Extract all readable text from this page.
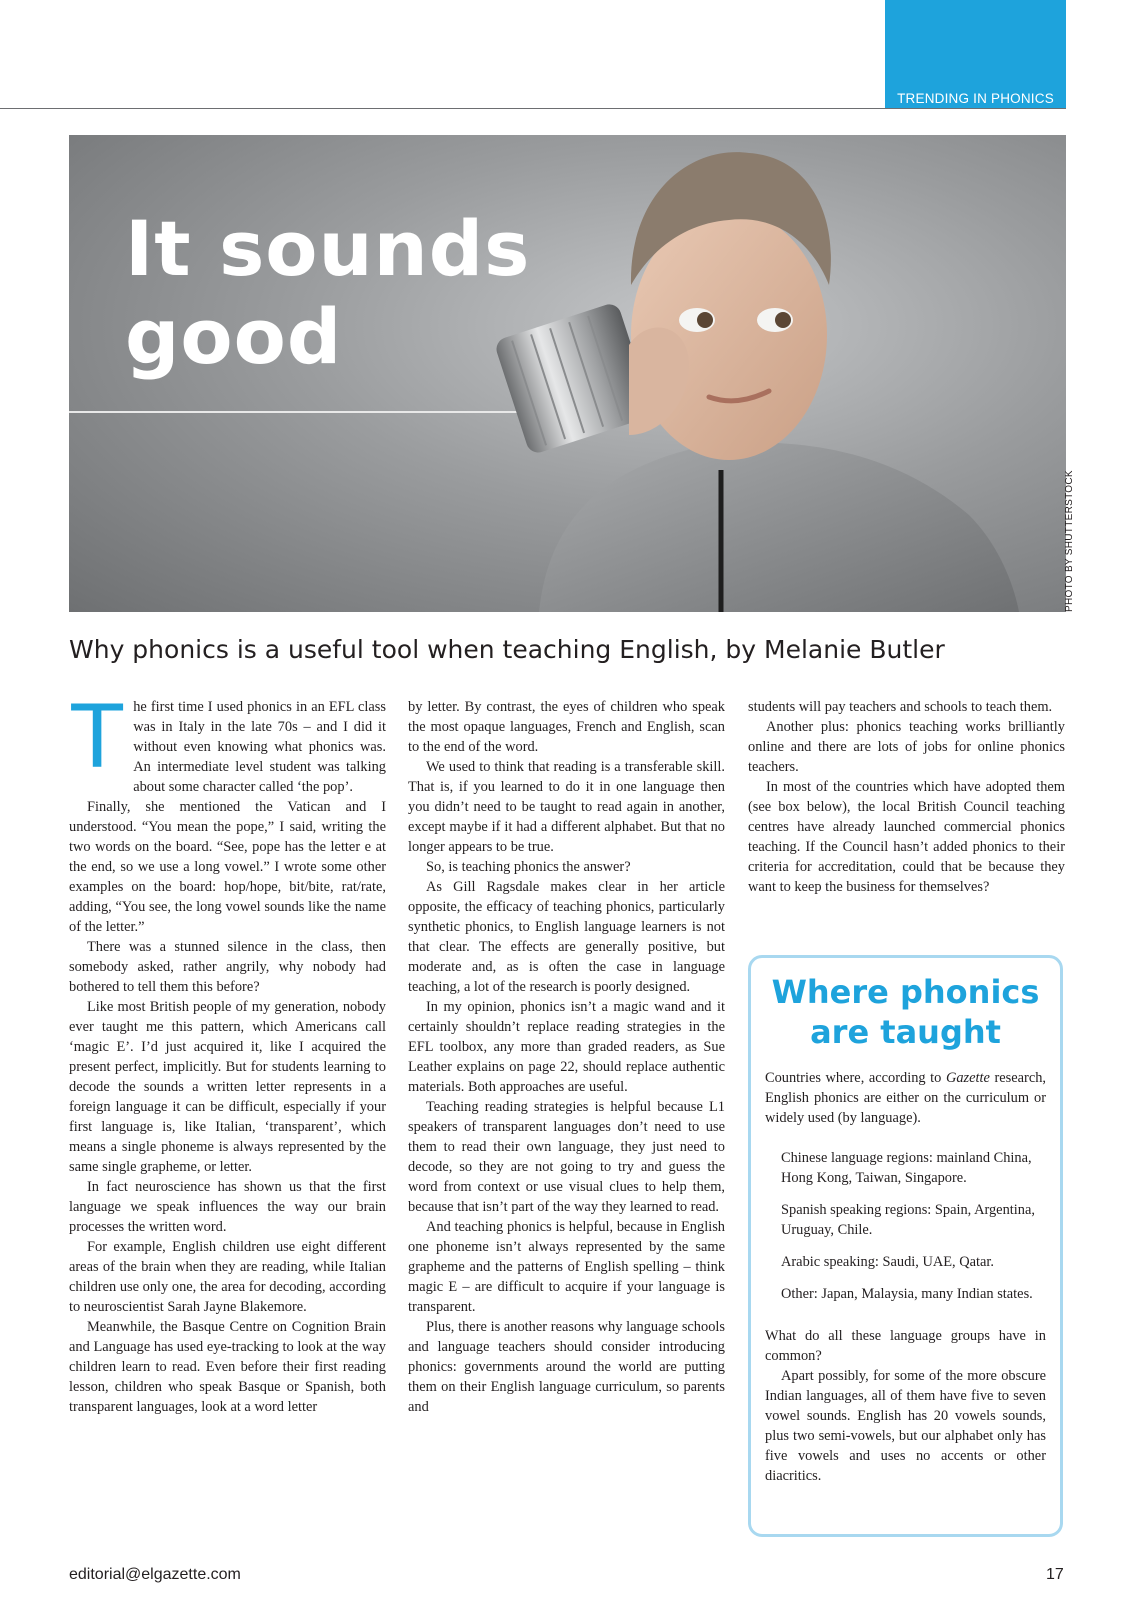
TRENDING IN PHONICS
It sounds
good
PHOTO BY SHUTTERSTOCK
Why phonics is a useful tool when teaching English, by Melanie Butler

The first time I used phonics in an EFL class was in Italy in the late 70s – and I did it without even knowing what phonics was. An intermediate level student was talking about some character called ‘the pop’.

Finally, she mentioned the Vatican and I understood. “You mean the pope,” I said, writing the two words on the board. “See, pope has the letter e at the end, so we use a long vowel.” I wrote some other examples on the board: hop/hope, bit/bite, rat/rate, adding, “You see, the long vowel sounds like the name of the letter.”

There was a stunned silence in the class, then somebody asked, rather angrily, why nobody had bothered to tell them this before?

Like most British people of my generation, nobody ever taught me this pattern, which Americans call ‘magic E’. I’d just acquired it, like I acquired the present perfect, implicitly. But for students learning to decode the sounds a written letter represents in a foreign language it can be difficult, especially if your first language is, like Italian, ‘transparent’, which means a single phoneme is always represented by the same single grapheme, or letter.

In fact neuroscience has shown us that the first language we speak influences the way our brain processes the written word.

For example, English children use eight different areas of the brain when they are reading, while Italian children use only one, the area for decoding, according to neuroscientist Sarah Jayne Blakemore.

Meanwhile, the Basque Centre on Cognition Brain and Language has used eye-tracking to look at the way children learn to read. Even before their first reading lesson, children who speak Basque or Spanish, both transparent languages, look at a word letter

by letter. By contrast, the eyes of children who speak the most opaque languages, French and English, scan to the end of the word.

We used to think that reading is a transferable skill. That is, if you learned to do it in one language then you didn’t need to be taught to read again in another, except maybe if it had a different alphabet. But that no longer appears to be true.

So, is teaching phonics the answer?

As Gill Ragsdale makes clear in her article opposite, the efficacy of teaching phonics, particularly synthetic phonics, to English language learners is not that clear. The effects are generally positive, but moderate and, as is often the case in language teaching, a lot of the research is poorly designed.

In my opinion, phonics isn’t a magic wand and it certainly shouldn’t replace reading strategies in the EFL toolbox, any more than graded readers, as Sue Leather explains on page 22, should replace authentic materials. Both approaches are useful.

Teaching reading strategies is helpful because L1 speakers of transparent languages don’t need to use them to read their own language, they just need to decode, so they are not going to try and guess the word from context or use visual clues to help them, because that isn’t part of the way they learned to read.

And teaching phonics is helpful, because in English one phoneme isn’t always represented by the same grapheme and the patterns of English spelling – think magic E – are difficult to acquire if your language is transparent.

Plus, there is another reasons why language schools and language teachers should consider introducing phonics: governments around the world are putting them on their English language curriculum, so parents and

students will pay teachers and schools to teach them.

Another plus: phonics teaching works brilliantly online and there are lots of jobs for online phonics teachers.

In most of the countries which have adopted them (see box below), the local British Council teaching centres have already launched commercial phonics teaching. If the Council hasn’t added phonics to their criteria for accreditation, could that be because they want to keep the business for themselves?

Where phonics are taught

Countries where, according to Gazette research, English phonics are either on the curriculum or widely used (by language).

Chinese language regions: mainland China, Hong Kong, Taiwan, Singapore.
Spanish speaking regions: Spain, Argentina, Uruguay, Chile.
Arabic speaking: Saudi, UAE, Qatar.
Other: Japan, Malaysia, many Indian states.

What do all these language groups have in common?

Apart possibly, for some of the more obscure Indian languages, all of them have five to seven vowel sounds. English has 20 vowels sounds, plus two semi-vowels, but our alphabet only has five vowels and uses no accents or other diacritics.

editorial@elgazette.com	17
